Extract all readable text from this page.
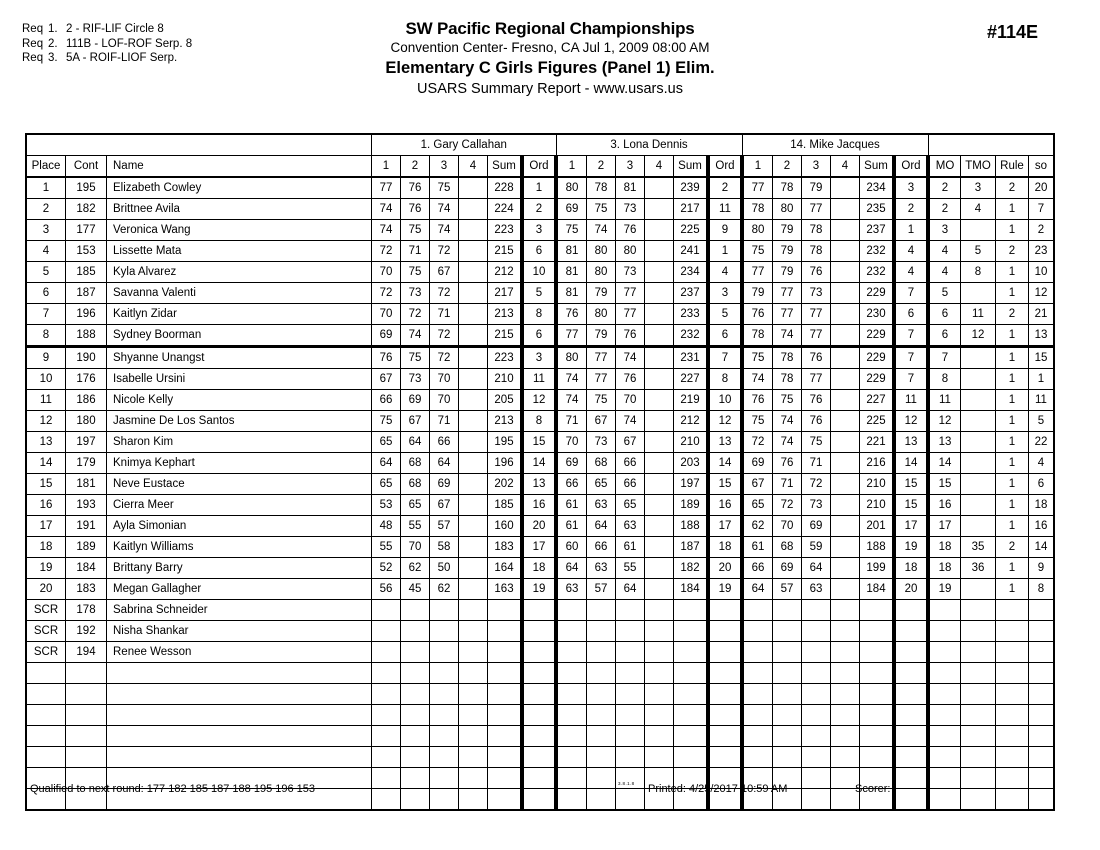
Req 1. 2 - RIF-LIF Circle 8
Req 2. 111B - LOF-ROF Serp. 8
Req 3. 5A - ROIF-LIOF Serp.
SW Pacific Regional Championships
Convention Center- Fresno, CA Jul 1, 2009 08:00 AM
Elementary C Girls Figures (Panel 1) Elim.
USARS Summary Report - www.usars.us
#114E
			1. Gary Callahan						3. Lona Dennis						14. Mike Jacques									
Place	Cont	Name	1	2	3	4	Sum	Ord	1	2	3	4	Sum	Ord	1	2	3	4	Sum	Ord	MO	TMO	Rule	so
1	195	Elizabeth Cowley	77	76	75		228	1	80	78	81		239	2	77	78	79		234	3	2	3	2	20
2	182	Brittnee Avila	74	76	74		224	2	69	75	73		217	11	78	80	77		235	2	2	4	1	7
3	177	Veronica Wang	74	75	74		223	3	75	74	76		225	9	80	79	78		237	1	3		1	2
4	153	Lissette Mata	72	71	72		215	6	81	80	80		241	1	75	79	78		232	4	4	5	2	23
5	185	Kyla Alvarez	70	75	67		212	10	81	80	73		234	4	77	79	76		232	4	4	8	1	10
6	187	Savanna Valenti	72	73	72		217	5	81	79	77		237	3	79	77	73		229	7	5		1	12
7	196	Kaitlyn Zidar	70	72	71		213	8	76	80	77		233	5	76	77	77		230	6	6	11	2	21
8	188	Sydney Boorman	69	74	72		215	6	77	79	76		232	6	78	74	77		229	7	6	12	1	13
9	190	Shyanne Unangst	76	75	72		223	3	80	77	74		231	7	75	78	76		229	7	7		1	15
10	176	Isabelle Ursini	67	73	70		210	11	74	77	76		227	8	74	78	77		229	7	8		1	1
11	186	Nicole Kelly	66	69	70		205	12	74	75	70		219	10	76	75	76		227	11	11		1	11
12	180	Jasmine De Los Santos	75	67	71		213	8	71	67	74		212	12	75	74	76		225	12	12		1	5
13	197	Sharon Kim	65	64	66		195	15	70	73	67		210	13	72	74	75		221	13	13		1	22
14	179	Knimya Kephart	64	68	64		196	14	69	68	66		203	14	69	76	71		216	14	14		1	4
15	181	Neve Eustace	65	68	69		202	13	66	65	66		197	15	67	71	72		210	15	15		1	6
16	193	Cierra Meer	53	65	67		185	16	61	63	65		189	16	65	72	73		210	15	16		1	18
17	191	Ayla Simonian	48	55	57		160	20	61	64	63		188	17	62	70	69		201	17	17		1	16
18	189	Kaitlyn Williams	55	70	58		183	17	60	66	61		187	18	61	68	59		188	19	18	35	2	14
19	184	Brittany Barry	52	62	50		164	18	64	63	55		182	20	66	69	64		199	18	18	36	1	9
20	183	Megan Gallagher	56	45	62		163	19	63	57	64		184	19	64	57	63		184	20	19		1	8
SCR	178	Sabrina Schneider																						
SCR	192	Nisha Shankar																						
SCR	194	Renee Wesson																						

Qualified to next round: 177 182 185 187 188 195 196 153	3.8.1.8 Printed: 4/25/2017 10:59 AM	Scorer:
